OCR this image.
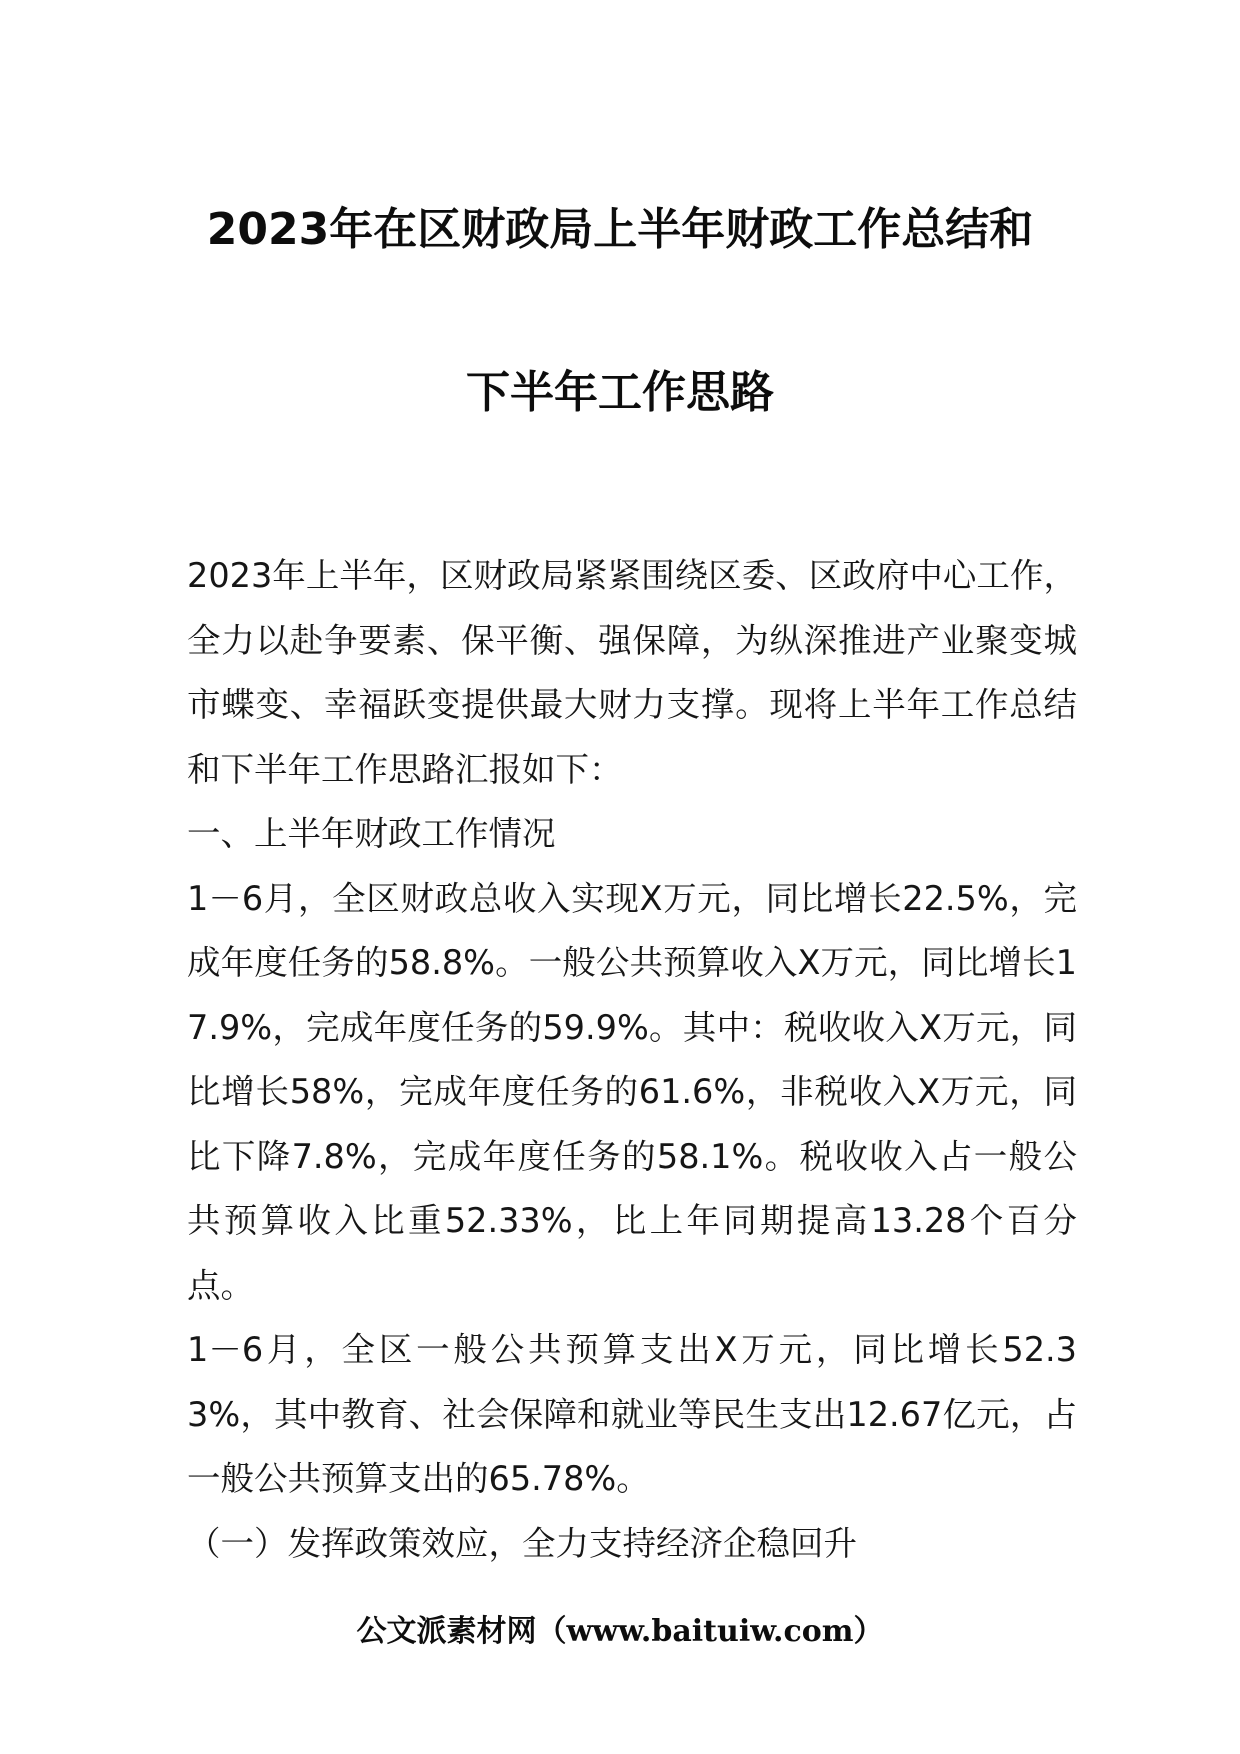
2023年在区财政局上半年财政工作总结和
下半年工作思路

2023年上半年，区财政局紧紧围绕区委、区政府中心工作，全力以赴争要素、保平衡、强保障，为纵深推进产业聚变城市蝶变、幸福跃变提供最大财力支撑。现将上半年工作总结和下半年工作思路汇报如下：

一、上半年财政工作情况

1－6月，全区财政总收入实现X万元，同比增长22.5%，完成年度任务的58.8%。一般公共预算收入X万元，同比增长17.9%，完成年度任务的59.9%。其中：税收收入X万元，同比增长58%，完成年度任务的61.6%，非税收入X万元，同比下降7.8%，完成年度任务的58.1%。税收收入占一般公共预算收入比重52.33%，比上年同期提高13.28个百分点。

1－6月，全区一般公共预算支出X万元，同比增长52.33%，其中教育、社会保障和就业等民生支出12.67亿元，占一般公共预算支出的65.78%。

（一）发挥政策效应，全力支持经济企稳回升

公文派素材网（www.baituiw.com）
